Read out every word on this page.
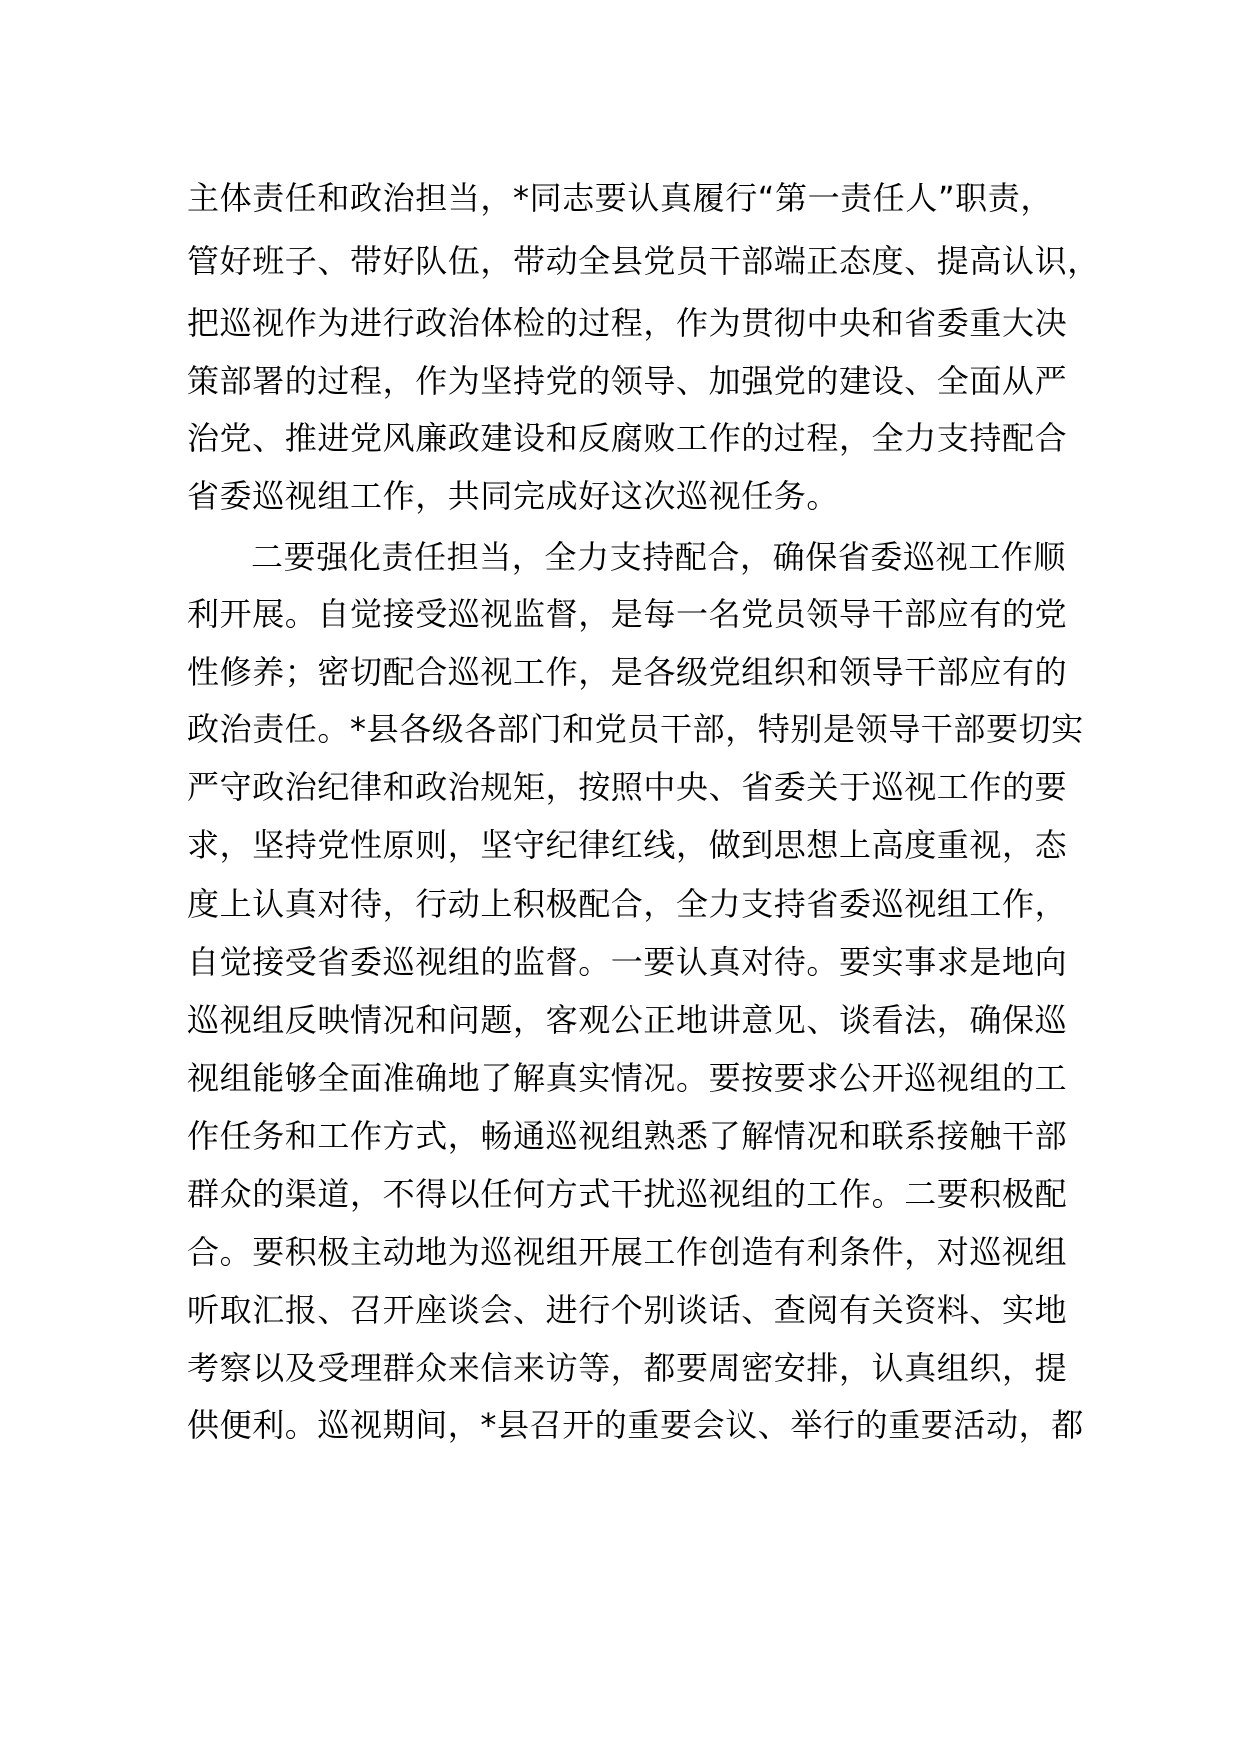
主体责任和政治担当，*同志要认真履行“第一责任人”职责，
管好班子、带好队伍，带动全县党员干部端正态度、提高认识，
把巡视作为进行政治体检的过程，作为贯彻中央和省委重大决
策部署的过程，作为坚持党的领导、加强党的建设、全面从严
治党、推进党风廉政建设和反腐败工作的过程，全力支持配合
省委巡视组工作，共同完成好这次巡视任务。
二要强化责任担当，全力支持配合，确保省委巡视工作顺
利开展。自觉接受巡视监督，是每一名党员领导干部应有的党
性修养；密切配合巡视工作，是各级党组织和领导干部应有的
政治责任。*县各级各部门和党员干部，特别是领导干部要切实
严守政治纪律和政治规矩，按照中央、省委关于巡视工作的要
求，坚持党性原则，坚守纪律红线，做到思想上高度重视，态
度上认真对待，行动上积极配合，全力支持省委巡视组工作，
自觉接受省委巡视组的监督。一要认真对待。要实事求是地向
巡视组反映情况和问题，客观公正地讲意见、谈看法，确保巡
视组能够全面准确地了解真实情况。要按要求公开巡视组的工
作任务和工作方式，畅通巡视组熟悉了解情况和联系接触干部
群众的渠道，不得以任何方式干扰巡视组的工作。二要积极配
合。要积极主动地为巡视组开展工作创造有利条件，对巡视组
听取汇报、召开座谈会、进行个别谈话、查阅有关资料、实地
考察以及受理群众来信来访等，都要周密安排，认真组织，提
供便利。巡视期间，*县召开的重要会议、举行的重要活动，都
